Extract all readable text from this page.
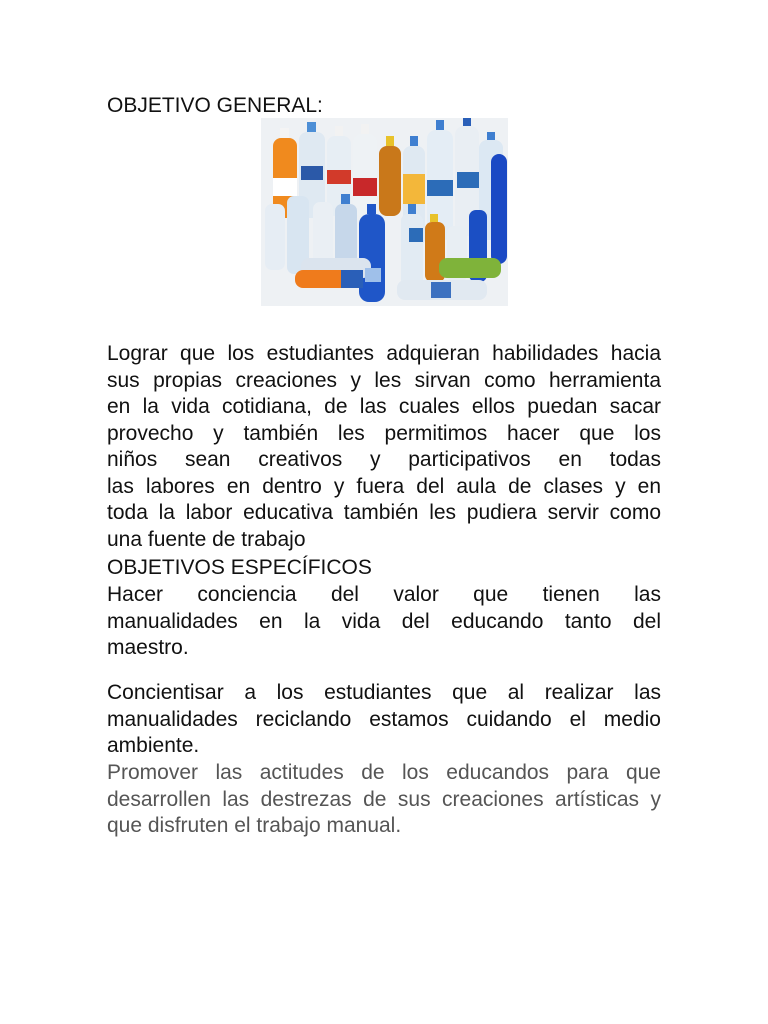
OBJETIVO GENERAL:
Lograr que los estudiantes adquieran habilidades hacia
sus propias creaciones y les sirvan como herramienta
en la vida cotidiana, de las cuales ellos puedan sacar
provecho y también les permitimos hacer que los
niños sean creativos y participativos en todas
las labores en dentro y fuera del aula de clases y en
toda la labor educativa también les pudiera servir como
una fuente de trabajo
OBJETIVOS ESPECÍFICOS
Hacer conciencia del valor que tienen las
manualidades en la vida del educando tanto del
maestro.
Concientisar a los estudiantes que al realizar las
manualidades reciclando estamos cuidando el medio
ambiente.
Promover las actitudes de los educandos para que
desarrollen las destrezas de sus creaciones artísticas y
que disfruten el trabajo manual.
